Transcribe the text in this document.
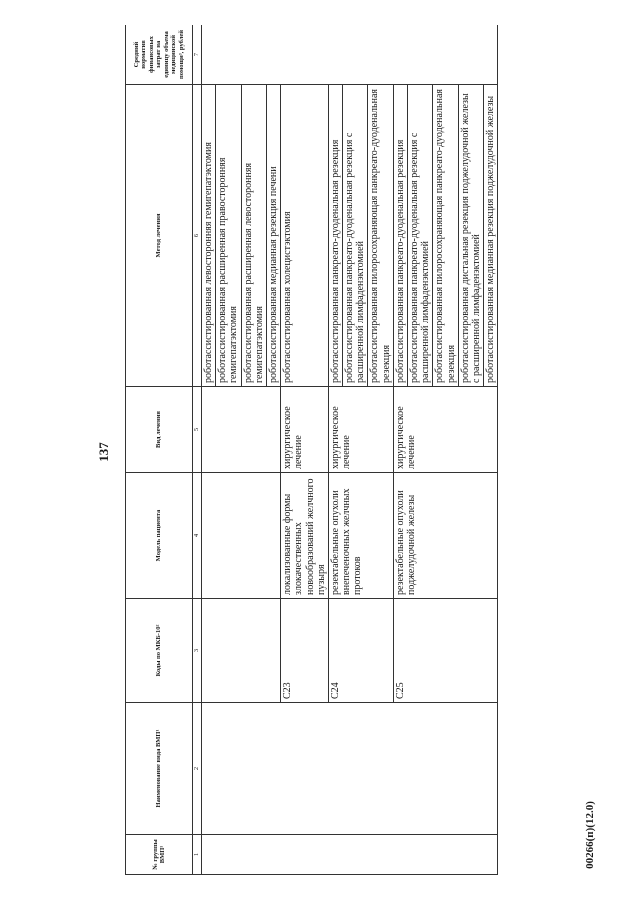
137
00266(п)(12.0)
№ группы ВМП¹	Наименование вида ВМП¹	Коды по МКБ-10²	Модель пациента	Вид лечения	Метод лечения	Средний норматив финансовых затрат на единицу объема медицинской помощи³, рублей
1	2	3	4	5	6	7
					роботассистированная левосторонняя гемигепатэктомия	
					роботассистированная расширенная правосторонняя гемигепатэктомия	
					роботассистированная расширенная левосторонняя гемигепатэктомия	
					роботассистированная медианная резекция печени	
		C23	локализованные формы злокачественных новообразований желчного пузыря	хирургическое лечение	роботассистированная холецистэктомия	
		C24	резектабельные опухоли внепеченочных желчных протоков	хирургическое лечение	роботассистированная панкреато-дуоденальная резекция	
					роботассистированная панкреато-дуоденальная резекция с расширенной лимфаденэктомией	
					роботассистированная пилоросохраняющая панкреато-дуоденальная резекция	
		C25	резектабельные опухоли поджелудочной железы	хирургическое лечение	роботассистированная панкреато-дуоденальная резекция	
					роботассистированная панкреато-дуоденальная резекция с расширенной лимфаденэктомией	
					роботассистированная пилоросохраняющая панкреато-дуоденальная резекция	
					роботассистированная дистальная резекция поджелудочной железы с расширенной лимфаденэктомией	
					роботассистированная медианная резекция поджелудочной железы	
